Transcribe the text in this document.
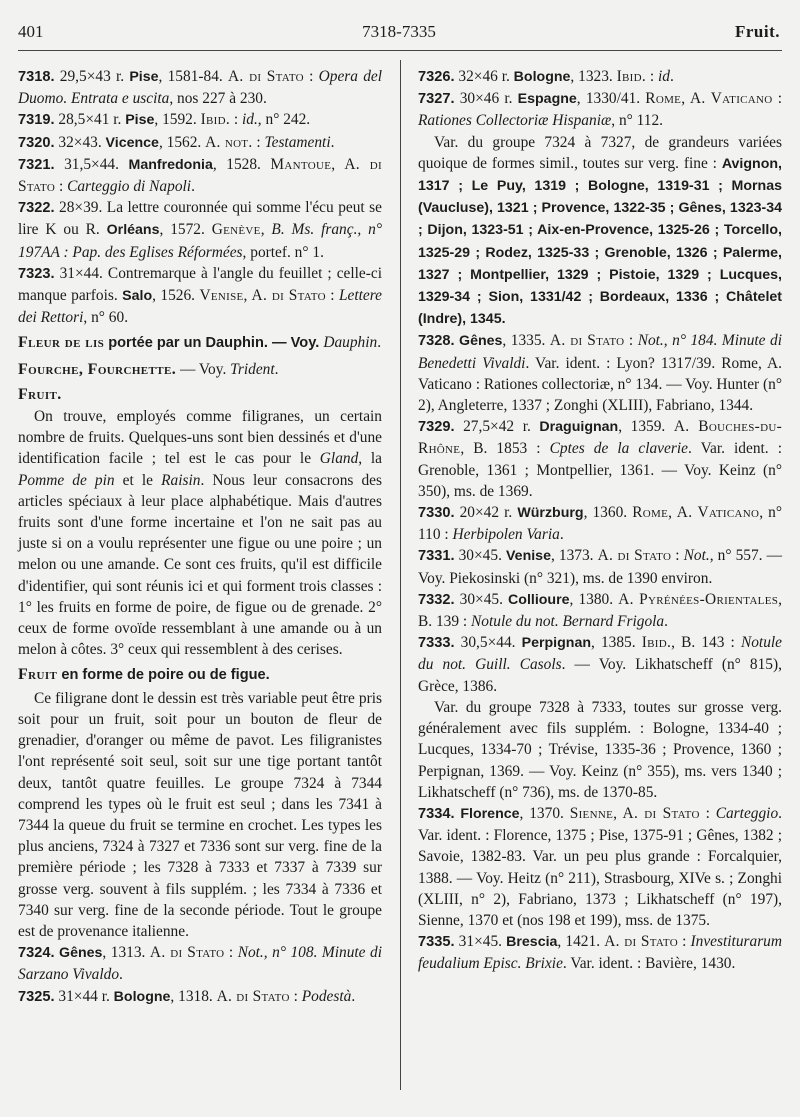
401	7318-7335	Fruit.

7318. 29,5×43 r. Pise, 1581-84. A. di Stato : Opera del Duomo. Entrata e uscita, nos 227 à 230.

7319. 28,5×41 r. Pise, 1592. Ibid. : id., n° 242.

7320. 32×43. Vicence, 1562. A. not. : Testamenti.

7321. 31,5×44. Manfredonia, 1528. Mantoue, A. di Stato : Carteggio di Napoli.

7322. 28×39. La lettre couronnée qui somme l'écu peut se lire K ou R. Orléans, 1572. Genève, B. Ms. franç., n° 197AA : Pap. des Eglises Réformées, portef. n° 1.

7323. 31×44. Contremarque à l'angle du feuillet ; celle-ci manque parfois. Salo, 1526. Venise, A. di Stato : Lettere dei Rettori, n° 60.

Fleur de lis portée par un Dauphin. — Voy. Dauphin.

Fourche, Fourchette. — Voy. Trident.

Fruit.

On trouve, employés comme filigranes, un certain nombre de fruits. Quelques-uns sont bien dessinés et d'une identification facile ; tel est le cas pour le Gland, la Pomme de pin et le Raisin. Nous leur consacrons des articles spéciaux à leur place alphabétique. Mais d'autres fruits sont d'une forme incertaine et l'on ne sait pas au juste si on a voulu représenter une figue ou une poire ; un melon ou une amande. Ce sont ces fruits, qu'il est difficile d'identifier, qui sont réunis ici et qui forment trois classes : 1° les fruits en forme de poire, de figue ou de grenade. 2° ceux de forme ovoïde ressemblant à une amande ou à un melon à côtes. 3° ceux qui ressemblent à des cerises.

Fruit en forme de poire ou de figue.

Ce filigrane dont le dessin est très variable peut être pris soit pour un fruit, soit pour un bouton de fleur de grenadier, d'oranger ou même de pavot. Les filigranistes l'ont représenté soit seul, soit sur une tige portant tantôt deux, tantôt quatre feuilles. Le groupe 7324 à 7344 comprend les types où le fruit est seul ; dans les 7341 à 7344 la queue du fruit se termine en crochet. Les types les plus anciens, 7324 à 7327 et 7336 sont sur verg. fine de la première période ; les 7328 à 7333 et 7337 à 7339 sur grosse verg. souvent à fils supplém. ; les 7334 à 7336 et 7340 sur verg. fine de la seconde période. Tout le groupe est de provenance italienne.

7324. Gênes, 1313. A. di Stato : Not., n° 108. Minute di Sarzano Vivaldo.

7325. 31×44 r. Bologne, 1318. A. di Stato : Podestà.

7326. 32×46 r. Bologne, 1323. Ibid. : id.

7327. 30×46 r. Espagne, 1330/41. Rome, A. Vaticano : Rationes Collectoriæ Hispaniæ, n° 112.

Var. du groupe 7324 à 7327, de grandeurs variées quoique de formes simil., toutes sur verg. fine : Avignon, 1317 ; Le Puy, 1319 ; Bologne, 1319-31 ; Mornas (Vaucluse), 1321 ; Provence, 1322-35 ; Gênes, 1323-34 ; Dijon, 1323-51 ; Aix-en-Provence, 1325-26 ; Torcello, 1325-29 ; Rodez, 1325-33 ; Grenoble, 1326 ; Palerme, 1327 ; Montpellier, 1329 ; Pistoie, 1329 ; Lucques, 1329-34 ; Sion, 1331/42 ; Bordeaux, 1336 ; Châtelet (Indre), 1345.

7328. Gênes, 1335. A. di Stato : Not., n° 184. Minute di Benedetti Vivaldi. Var. ident. : Lyon? 1317/39. Rome, A. Vaticano : Rationes collectoriæ, n° 134. — Voy. Hunter (n° 2), Angleterre, 1337 ; Zonghi (XLIII), Fabriano, 1344.

7329. 27,5×42 r. Draguignan, 1359. A. Bouches-du-Rhône, B. 1853 : Cptes de la claverie. Var. ident. : Grenoble, 1361 ; Montpellier, 1361. — Voy. Keinz (n° 350), ms. de 1369.

7330. 20×42 r. Würzburg, 1360. Rome, A. Vaticano, n° 110 : Herbipolen Varia.

7331. 30×45. Venise, 1373. A. di Stato : Not., n° 557. — Voy. Piekosinski (n° 321), ms. de 1390 environ.

7332. 30×45. Collioure, 1380. A. Pyrénées-Orientales, B. 139 : Notule du not. Bernard Frigola.

7333. 30,5×44. Perpignan, 1385. Ibid., B. 143 : Notule du not. Guill. Casols. — Voy. Likhatscheff (n° 815), Grèce, 1386.

Var. du groupe 7328 à 7333, toutes sur grosse verg. généralement avec fils supplém. : Bologne, 1334-40 ; Lucques, 1334-70 ; Trévise, 1335-36 ; Provence, 1360 ; Perpignan, 1369. — Voy. Keinz (n° 355), ms. vers 1340 ; Likhatscheff (n° 736), ms. de 1370-85.

7334. Florence, 1370. Sienne, A. di Stato : Carteggio. Var. ident. : Florence, 1375 ; Pise, 1375-91 ; Gênes, 1382 ; Savoie, 1382-83. Var. un peu plus grande : Forcalquier, 1388. — Voy. Heitz (n° 211), Strasbourg, XIVe s. ; Zonghi (XLIII, n° 2), Fabriano, 1373 ; Likhatscheff (n° 197), Sienne, 1370 et (nos 198 et 199), mss. de 1375.

7335. 31×45. Brescia, 1421. A. di Stato : Investiturarum feudalium Episc. Brixie. Var. ident. : Bavière, 1430.
